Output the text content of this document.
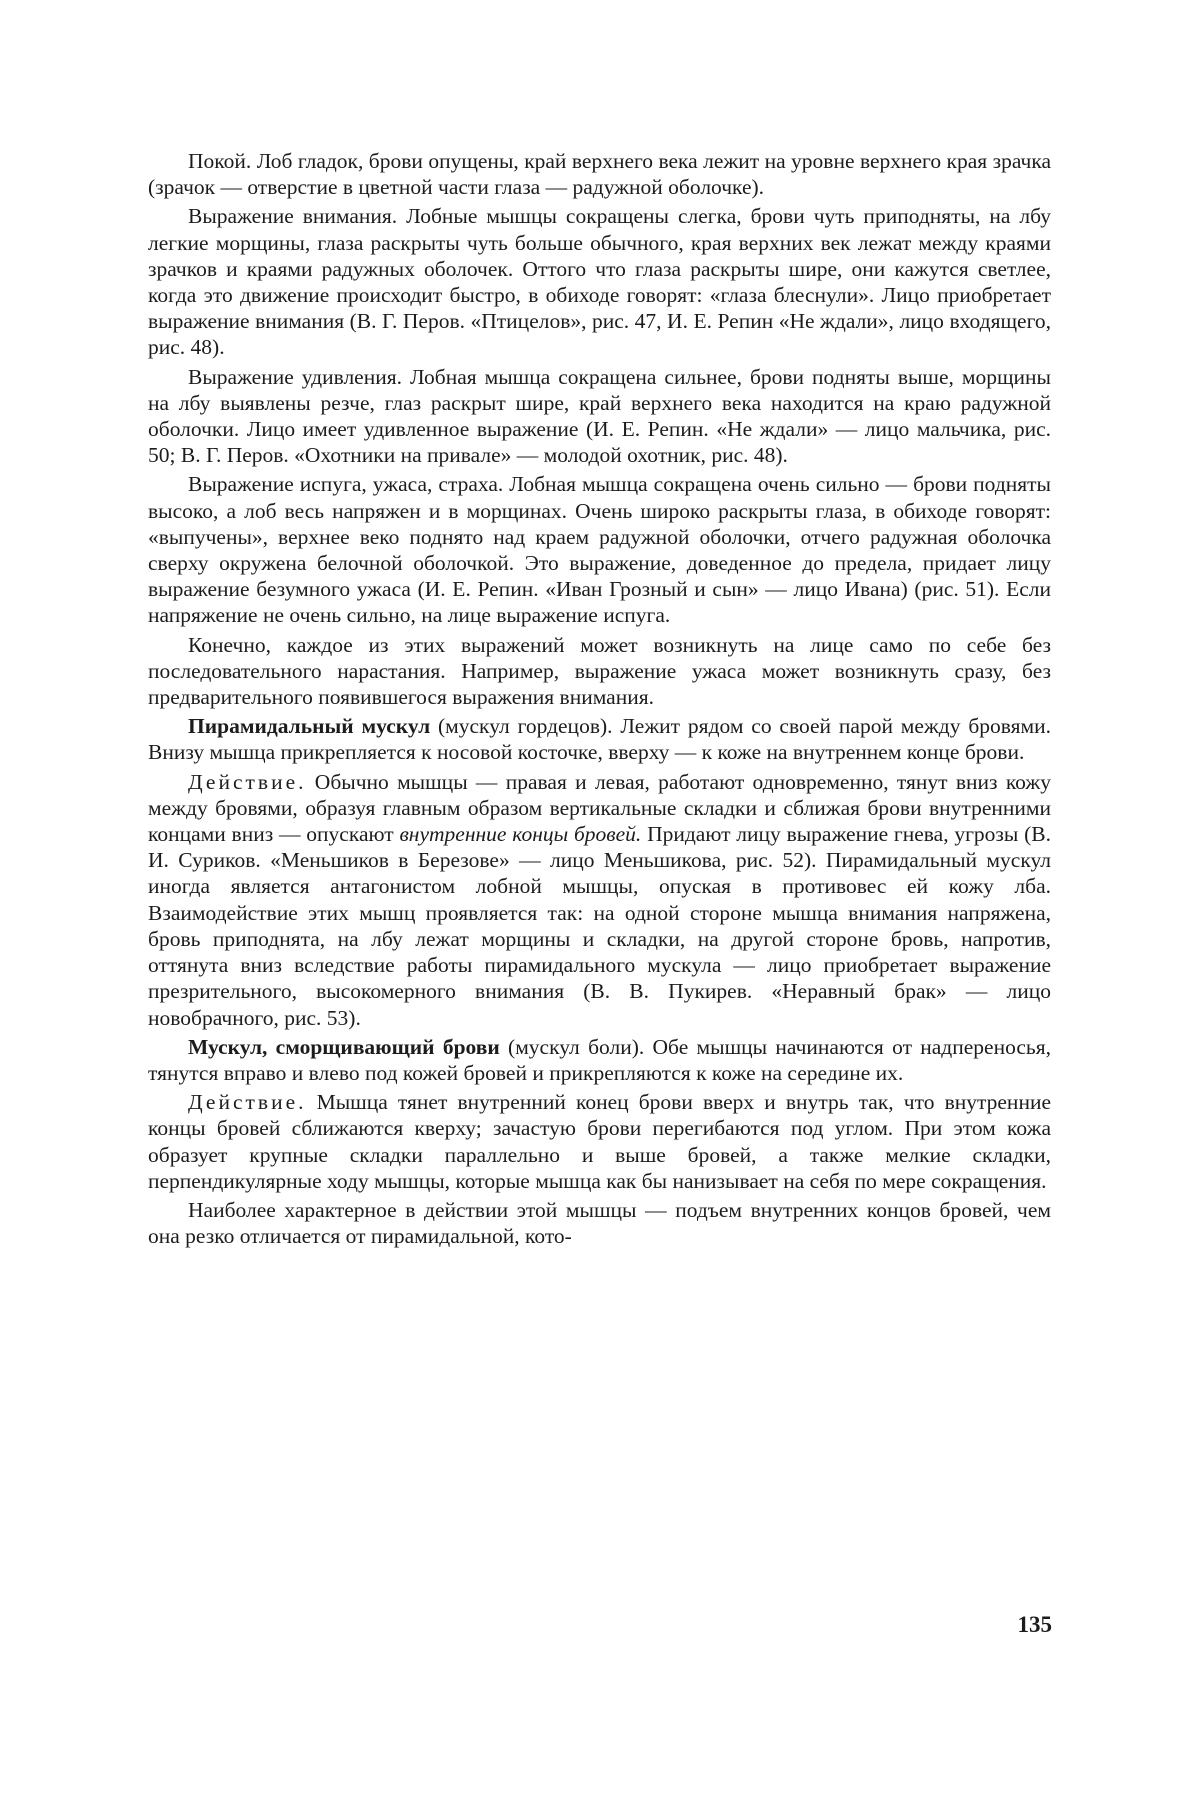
Покой. Лоб гладок, брови опущены, край верхнего века лежит на уровне верхнего края зрачка (зрачок — отверстие в цветной части глаза — радужной оболочке).

Выражение внимания. Лобные мышцы сокращены слегка, брови чуть приподняты, на лбу легкие морщины, глаза раскрыты чуть больше обычного, края верхних век лежат между краями зрачков и краями радужных оболочек. Оттого что глаза раскрыты шире, они кажутся светлее, когда это движение происходит быстро, в обиходе говорят: «глаза блеснули». Лицо приобретает выражение внимания (В. Г. Перов. «Птицелов», рис. 47, И. Е. Репин «Не ждали», лицо входящего, рис. 48).

Выражение удивления. Лобная мышца сокращена сильнее, брови подняты выше, морщины на лбу выявлены резче, глаз раскрыт шире, край верхнего века находится на краю радужной оболочки. Лицо имеет удивленное выражение (И. Е. Репин. «Не ждали» — лицо мальчика, рис. 50; В. Г. Перов. «Охотники на привале» — молодой охотник, рис. 48).

Выражение испуга, ужаса, страха. Лобная мышца сокращена очень сильно — брови подняты высоко, а лоб весь напряжен и в морщинах. Очень широко раскрыты глаза, в обиходе говорят: «выпучены», верхнее веко поднято над краем радужной оболочки, отчего радужная оболочка сверху окружена белочной оболочкой. Это выражение, доведенное до предела, придает лицу выражение безумного ужаса (И. Е. Репин. «Иван Грозный и сын» — лицо Ивана) (рис. 51). Если напряжение не очень сильно, на лице выражение испуга.

Конечно, каждое из этих выражений может возникнуть на лице само по себе без последовательного нарастания. Например, выражение ужаса может возникнуть сразу, без предварительного появившегося выражения внимания.

Пирамидальный мускул (мускул гордецов). Лежит рядом со своей парой между бровями. Внизу мышца прикрепляется к носовой косточке, вверху — к коже на внутреннем конце брови.

Действие. Обычно мышцы — правая и левая, работают одновременно, тянут вниз кожу между бровями, образуя главным образом вертикальные складки и сближая брови внутренними концами вниз — опускают внутренние концы бровей. Придают лицу выражение гнева, угрозы (В. И. Суриков. «Меньшиков в Березове» — лицо Меньшикова, рис. 52). Пирамидальный мускул иногда является антагонистом лобной мышцы, опуская в противовес ей кожу лба. Взаимодействие этих мышц проявляется так: на одной стороне мышца внимания напряжена, бровь приподнята, на лбу лежат морщины и складки, на другой стороне бровь, напротив, оттянута вниз вследствие работы пирамидального мускула — лицо приобретает выражение презрительного, высокомерного внимания (В. В. Пукирев. «Неравный брак» — лицо новобрачного, рис. 53).

Мускул, сморщивающий брови (мускул боли). Обе мышцы начинаются от надпереносья, тянутся вправо и влево под кожей бровей и прикрепляются к коже на середине их.

Действие. Мышца тянет внутренний конец брови вверх и внутрь так, что внутренние концы бровей сближаются кверху; зачастую брови перегибаются под углом. При этом кожа образует крупные складки параллельно и выше бровей, а также мелкие складки, перпендикулярные ходу мышцы, которые мышца как бы нанизывает на себя по мере сокращения.

Наиболее характерное в действии этой мышцы — подъем внутренних концов бровей, чем она резко отличается от пирамидальной, кото-

135
